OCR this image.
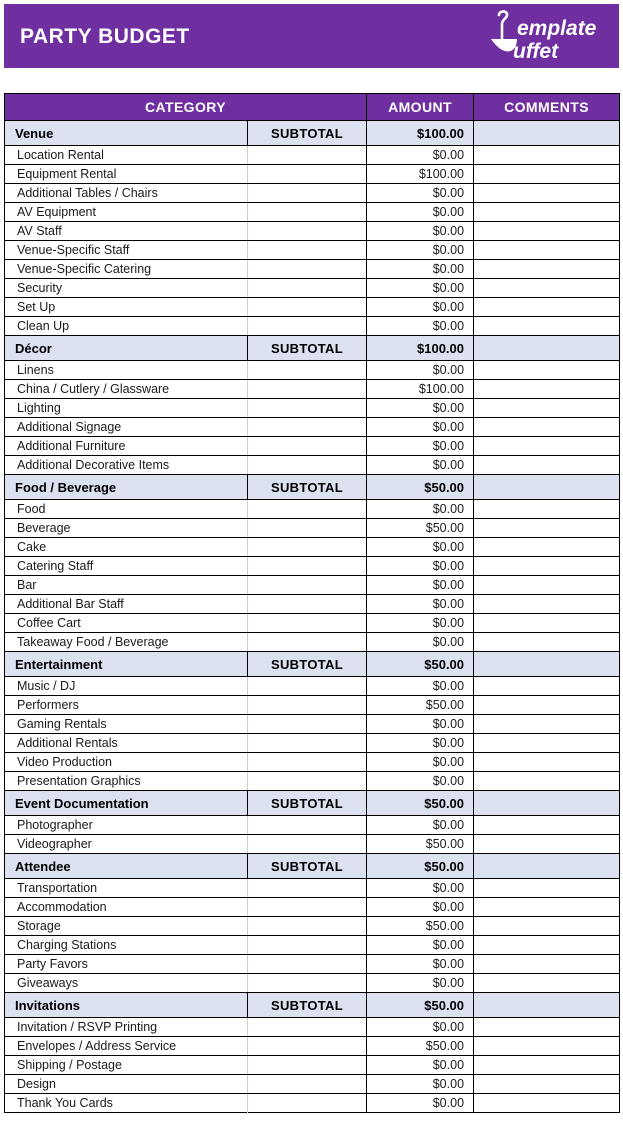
PARTY BUDGET	emplate
uffet
CATEGORY		AMOUNT	COMMENTS
Venue	SUBTOTAL	$100.00	
Location Rental		$0.00	
Equipment Rental		$100.00	
Additional Tables / Chairs		$0.00	
AV Equipment		$0.00	
AV Staff		$0.00	
Venue-Specific Staff		$0.00	
Venue-Specific Catering		$0.00	
Security		$0.00	
Set Up		$0.00	
Clean Up		$0.00	
Décor	SUBTOTAL	$100.00	
Linens		$0.00	
China / Cutlery / Glassware		$100.00	
Lighting		$0.00	
Additional Signage		$0.00	
Additional Furniture		$0.00	
Additional Decorative Items		$0.00	
Food / Beverage	SUBTOTAL	$50.00	
Food		$0.00	
Beverage		$50.00	
Cake		$0.00	
Catering Staff		$0.00	
Bar		$0.00	
Additional Bar Staff		$0.00	
Coffee Cart		$0.00	
Takeaway Food / Beverage		$0.00	
Entertainment	SUBTOTAL	$50.00	
Music / DJ		$0.00	
Performers		$50.00	
Gaming Rentals		$0.00	
Additional Rentals		$0.00	
Video Production		$0.00	
Presentation Graphics		$0.00	
Event Documentation	SUBTOTAL	$50.00	
Photographer		$0.00	
Videographer		$50.00	
Attendee	SUBTOTAL	$50.00	
Transportation		$0.00	
Accommodation		$0.00	
Storage		$50.00	
Charging Stations		$0.00	
Party Favors		$0.00	
Giveaways		$0.00	
Invitations	SUBTOTAL	$50.00	
Invitation / RSVP Printing		$0.00	
Envelopes / Address Service		$50.00	
Shipping / Postage		$0.00	
Design		$0.00	
Thank You Cards		$0.00	
